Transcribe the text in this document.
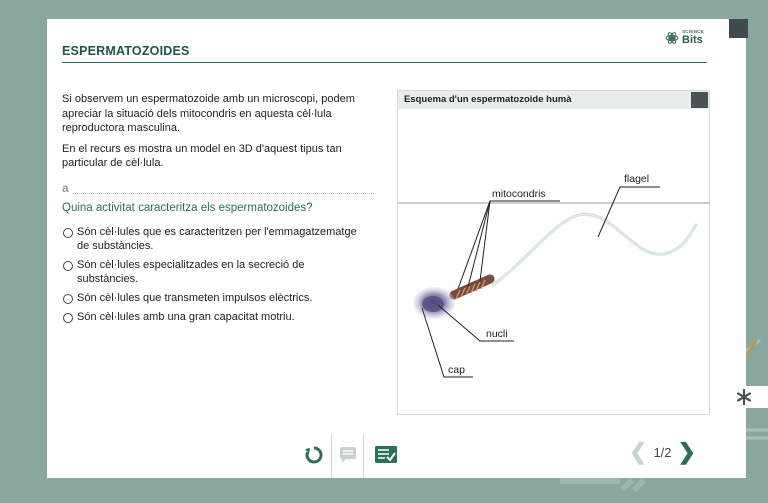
ESPERMATOZOIDES
SCIENCE
Bits

Si observem un espermatozoide amb un microscopi, podem apreciar la situació dels mitocondris en aquesta cèl·lula reproductora masculina.

En el recurs es mostra un model en 3D d'aquest tipus tan particular de cèl·lula.

a
Quina activitat caracteritza els espermatozoides?
Són cèl·lules que es caracteritzen per l'emmagatzematge de substàncies.
Són cèl·lules especialitzades en la secreció de substàncies.
Són cèl·lules que transmeten impulsos elèctrics.
Són cèl·lules amb una gran capacitat motriu.
Esquema d'un espermatozoide humà
flagel
mitocondris
nucli
cap
❮ 1/2 ❯
